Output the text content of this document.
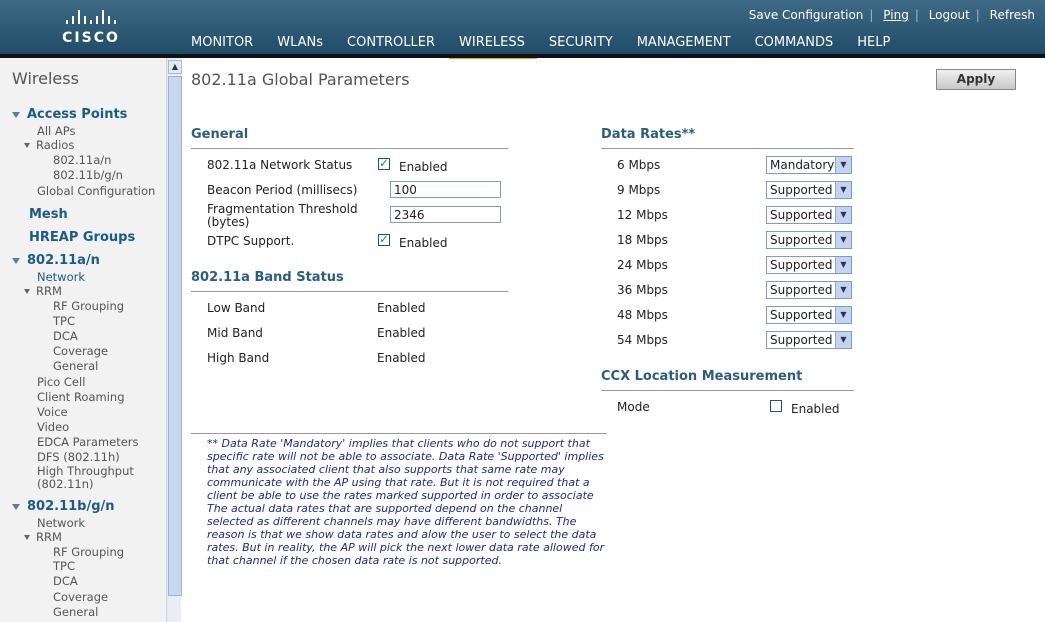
CISCO
Save Configuration | Ping | Logout | Refresh
MONITOR	WLANs	CONTROLLER	WIRELESS	SECURITY	MANAGEMENT	COMMANDS	HELP
Wireless
Access Points
All APs
Radios
802.11a/n
802.11b/g/n
Global Configuration
Mesh
HREAP Groups
802.11a/n
Network
RRM
RF Grouping
TPC
DCA
Coverage
General
Pico Cell
Client Roaming
Voice
Video
EDCA Parameters
DFS (802.11h)
High Throughput
(802.11n)
802.11b/g/n
Network
RRM
RF Grouping
TPC
DCA
Coverage
General
▲
802.11a Global Parameters	Apply
General
802.11a Network Status ✓	Enabled
Beacon Period (millisecs)	100
Fragmentation Threshold
(bytes)	2346
DTPC Support. ✓	Enabled
802.11a Band Status
Low Band	Enabled
Mid Band	Enabled
High Band	Enabled
Data Rates**
6 Mbps	Mandatory ▼
9 Mbps	Supported ▼
12 Mbps	Supported ▼
18 Mbps	Supported ▼
24 Mbps	Supported ▼
36 Mbps	Supported ▼
48 Mbps	Supported ▼
54 Mbps	Supported ▼
CCX Location Measurement
Mode	Enabled
** Data Rate 'Mandatory' implies that clients who do not support that specific rate will not be able to associate. Data Rate 'Supported' implies that any associated client that also supports that same rate may communicate with the AP using that rate. But it is not required that a client be able to use the rates marked supported in order to associate The actual data rates that are supported depend on the channel selected as different channels may have different bandwidths. The reason is that we show data rates and alow the user to select the data rates. But in reality, the AP will pick the next lower data rate allowed for that channel if the chosen data rate is not supported.
